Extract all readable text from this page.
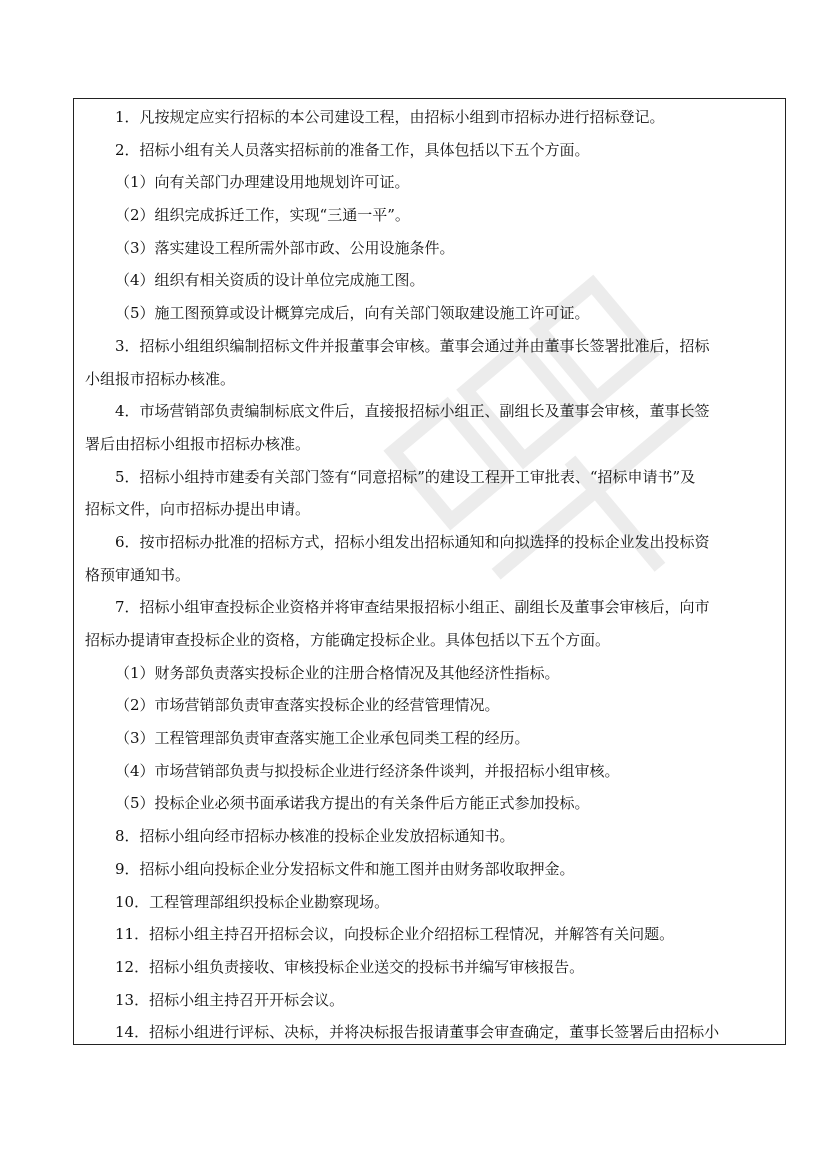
1．凡按规定应实行招标的本公司建设工程，由招标小组到市招标办进行招标登记。
2．招标小组有关人员落实招标前的准备工作，具体包括以下五个方面。
（1）向有关部门办理建设用地规划许可证。
（2）组织完成拆迁工作，实现“三通一平”。
（3）落实建设工程所需外部市政、公用设施条件。
（4）组织有相关资质的设计单位完成施工图。
（5）施工图预算或设计概算完成后，向有关部门领取建设施工许可证。
3．招标小组组织编制招标文件并报董事会审核。董事会通过并由董事长签署批准后，招标
小组报市招标办核准。
4．市场营销部负责编制标底文件后，直接报招标小组正、副组长及董事会审核，董事长签
署后由招标小组报市招标办核准。
5．招标小组持市建委有关部门签有“同意招标”的建设工程开工审批表、“招标申请书”及
招标文件，向市招标办提出申请。
6．按市招标办批准的招标方式，招标小组发出招标通知和向拟选择的投标企业发出投标资
格预审通知书。
7．招标小组审查投标企业资格并将审查结果报招标小组正、副组长及董事会审核后，向市
招标办提请审查投标企业的资格，方能确定投标企业。具体包括以下五个方面。
（1）财务部负责落实投标企业的注册合格情况及其他经济性指标。
（2）市场营销部负责审查落实投标企业的经营管理情况。
（3）工程管理部负责审查落实施工企业承包同类工程的经历。
（4）市场营销部负责与拟投标企业进行经济条件谈判，并报招标小组审核。
（5）投标企业必须书面承诺我方提出的有关条件后方能正式参加投标。
8．招标小组向经市招标办核准的投标企业发放招标通知书。
9．招标小组向投标企业分发招标文件和施工图并由财务部收取押金。
10．工程管理部组织投标企业勘察现场。
11．招标小组主持召开招标会议，向投标企业介绍招标工程情况，并解答有关问题。
12．招标小组负责接收、审核投标企业送交的投标书并编写审核报告。
13．招标小组主持召开开标会议。
14．招标小组进行评标、决标，并将决标报告报请董事会审查确定，董事长签署后由招标小
